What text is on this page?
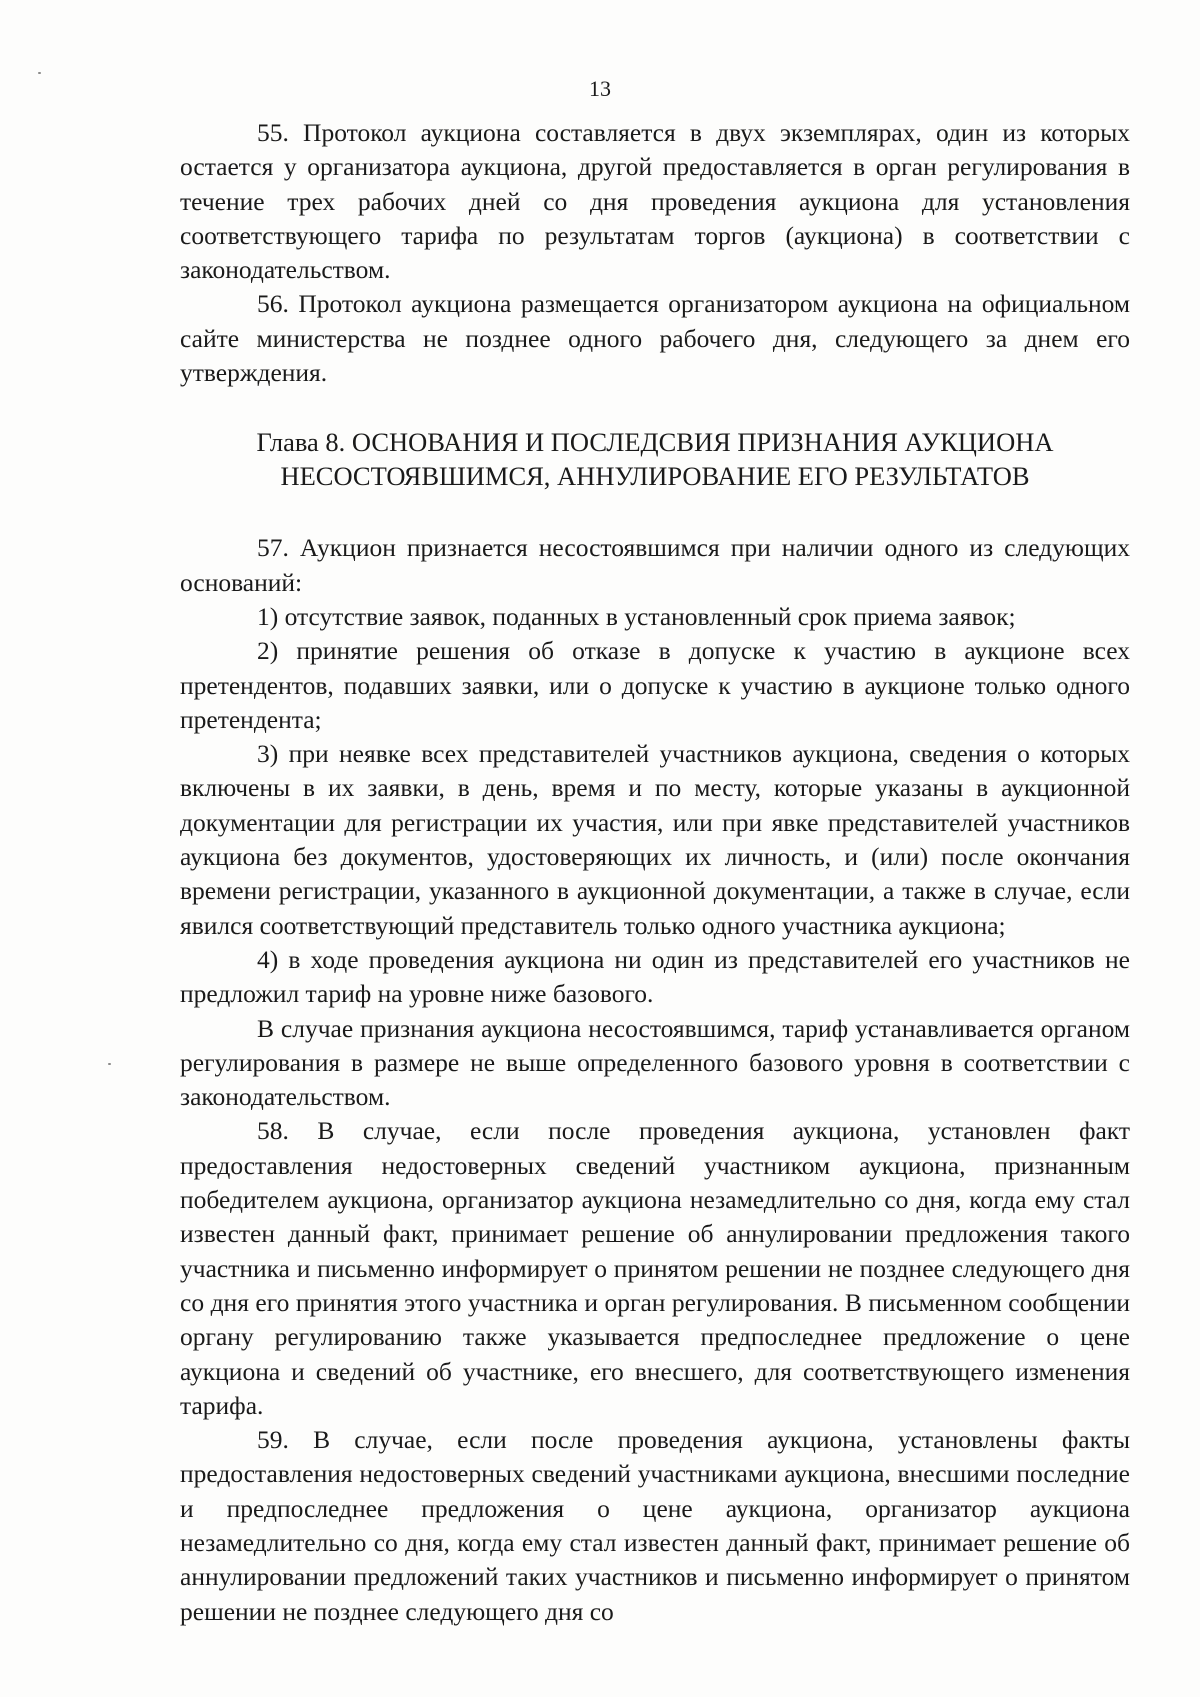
13

55. Протокол аукциона составляется в двух экземплярах, один из которых остается у организатора аукциона, другой предоставляется в орган регулирования в течение трех рабочих дней со дня проведения аукциона для установления соответствующего тарифа по результатам торгов (аукциона) в соответствии с законодательством.

56. Протокол аукциона размещается организатором аукциона на официальном сайте министерства не позднее одного рабочего дня, следующего за днем его утверждения.

Глава 8. ОСНОВАНИЯ И ПОСЛЕДСВИЯ ПРИЗНАНИЯ АУКЦИОНА
НЕСОСТОЯВШИМСЯ, АННУЛИРОВАНИЕ ЕГО РЕЗУЛЬТАТОВ

57. Аукцион признается несостоявшимся при наличии одного из следующих оснований:

1) отсутствие заявок, поданных в установленный срок приема заявок;

2) принятие решения об отказе в допуске к участию в аукционе всех претендентов, подавших заявки, или о допуске к участию в аукционе только одного претендента;

3) при неявке всех представителей участников аукциона, сведения о которых включены в их заявки, в день, время и по месту, которые указаны в аукционной документации для регистрации их участия, или при явке представителей участников аукциона без документов, удостоверяющих их личность, и (или) после окончания времени регистрации, указанного в аукционной документации, а также в случае, если явился соответствующий представитель только одного участника аукциона;

4) в ходе проведения аукциона ни один из представителей его участников не предложил тариф на уровне ниже базового.

В случае признания аукциона несостоявшимся, тариф устанавливается органом регулирования в размере не выше определенного базового уровня в соответствии с законодательством.

58. В случае, если после проведения аукциона, установлен факт предоставления недостоверных сведений участником аукциона, признанным победителем аукциона, организатор аукциона незамедлительно со дня, когда ему стал известен данный факт, принимает решение об аннулировании предложения такого участника и письменно информирует о принятом решении не позднее следующего дня со дня его принятия этого участника и орган регулирования. В письменном сообщении органу регулированию также указывается предпоследнее предложение о цене аукциона и сведений об участнике, его внесшего, для соответствующего изменения тарифа.

59. В случае, если после проведения аукциона, установлены факты предоставления недостоверных сведений участниками аукциона, внесшими последние и предпоследнее предложения о цене аукциона, организатор аукциона незамедлительно со дня, когда ему стал известен данный факт, принимает решение об аннулировании предложений таких участников и письменно информирует о принятом решении не позднее следующего дня со
